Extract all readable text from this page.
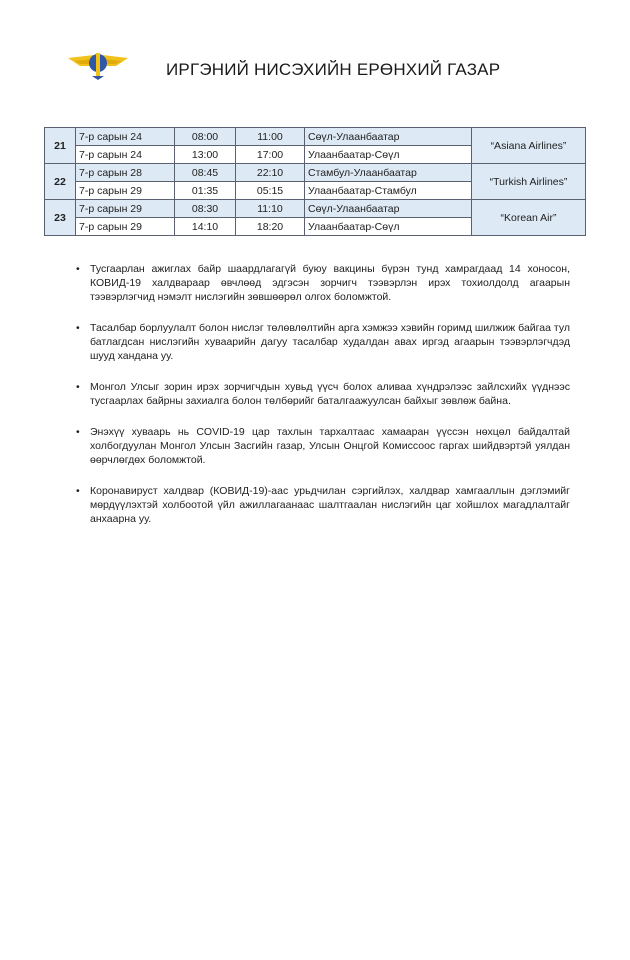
ИРГЭНИЙ НИСЭХИЙН ЕРӨНХИЙ ГАЗАР
21	7-р сарын 24	08:00	11:00	Сөүл-Улаанбаатар	“Asiana Airlines”
	7-р сарын 24	13:00	17:00	Улаанбаатар-Сөүл	
22	7-р сарын 28	08:45	22:10	Стамбул-Улаанбаатар	“Turkish Airlines”
	7-р сарын 29	01:35	05:15	Улаанбаатар-Стамбул	
23	7-р сарын 29	08:30	11:10	Сөүл-Улаанбаатар	“Korean Air”
	7-р сарын 29	14:10	18:20	Улаанбаатар-Сөүл	
• Тусгаарлан ажиглах байр шаардлагагүй буюу вакцины бүрэн тунд хамрагдаад 14 хоносон, КОВИД-19 халдвараар өвчлөөд эдгэсэн зорчигч тээвэрлэн ирэх тохиолдолд агаарын тээвэрлэгчид нэмэлт нислэгийн зөвшөөрөл олгох боломжтой.
• Тасалбар борлуулалт болон нислэг төлөвлөлтийн арга хэмжээ хэвийн горимд шилжиж байгаа тул батлагдсан нислэгийн хуваарийн дагуу тасалбар худалдан авах иргэд агаарын тээвэрлэгчдэд шууд хандана уу.
• Монгол Улсыг зорин ирэх зорчигчдын хувьд үүсч болох аливаа хүндрэлээс зайлсхийх үүднээс тусгаарлах байрны захиалга болон төлбөрийг баталгаажуулсан байхыг зөвлөж байна.
• Энэхүү хуваарь нь COVID-19 цар тахлын тархалтаас хамааран үүссэн нөхцөл байдалтай холбогдуулан Монгол Улсын Засгийн газар, Улсын Онцгой Комиссоос гаргах шийдвэртэй уялдан өөрчлөгдөх боломжтой.
• Коронавируст халдвар (КОВИД-19)-аас урьдчилан сэргийлэх, халдвар хамгааллын дэглэмийг мөрдүүлэхтэй холбоотой үйл ажиллагаанаас шалтгаалан нислэгийн цаг хойшлох магадлалтайг анхаарна уу.
